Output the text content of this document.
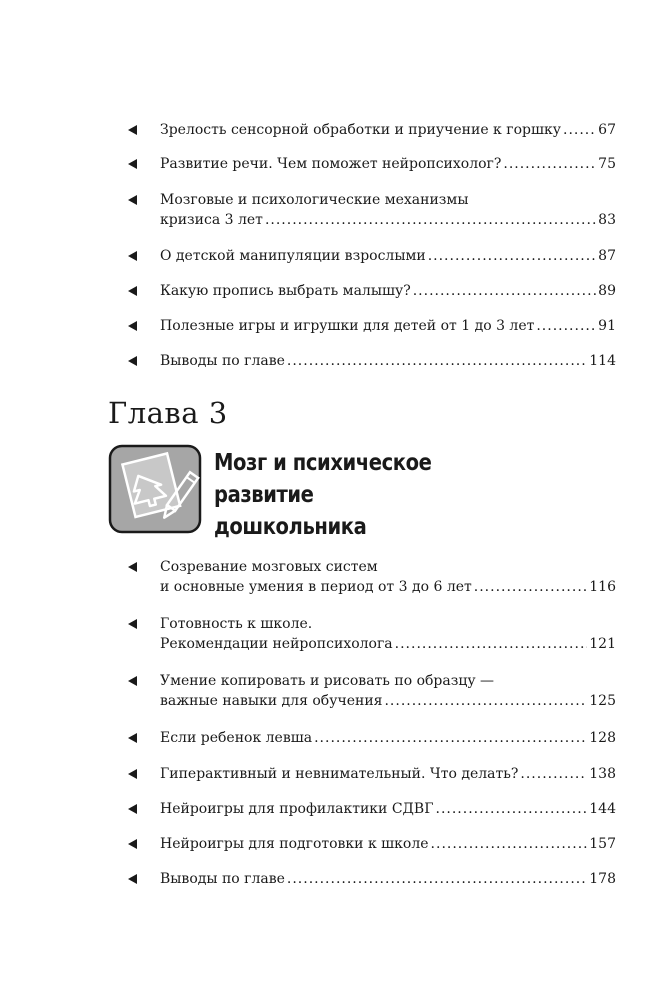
Зрелость сенсорной обработки и приучение к горшку .....	67
Развитие речи. Чем поможет нейропсихолог? .....	75
Мозговые и психологические механизмы
кризиса 3 лет .....	83
О детской манипуляции взрослыми .....	87
Какую пропись выбрать малышу? .....	89
Полезные игры и игрушки для детей от 1 до 3 лет .....	91
Выводы по главе .....	114
Глава 3
Мозг и психическое
развитие
дошкольника
Созревание мозговых систем
и основные умения в период от 3 до 6 лет .....	116
Готовность к школе.
Рекомендации нейропсихолога .....	121
Умение копировать и рисовать по образцу —
важные навыки для обучения .....	125
Если ребенок левша .....	128
Гиперактивный и невнимательный. Что делать? .....	138
Нейроигры для профилактики СДВГ .....	144
Нейроигры для подготовки к школе .....	157
Выводы по главе .....	178
